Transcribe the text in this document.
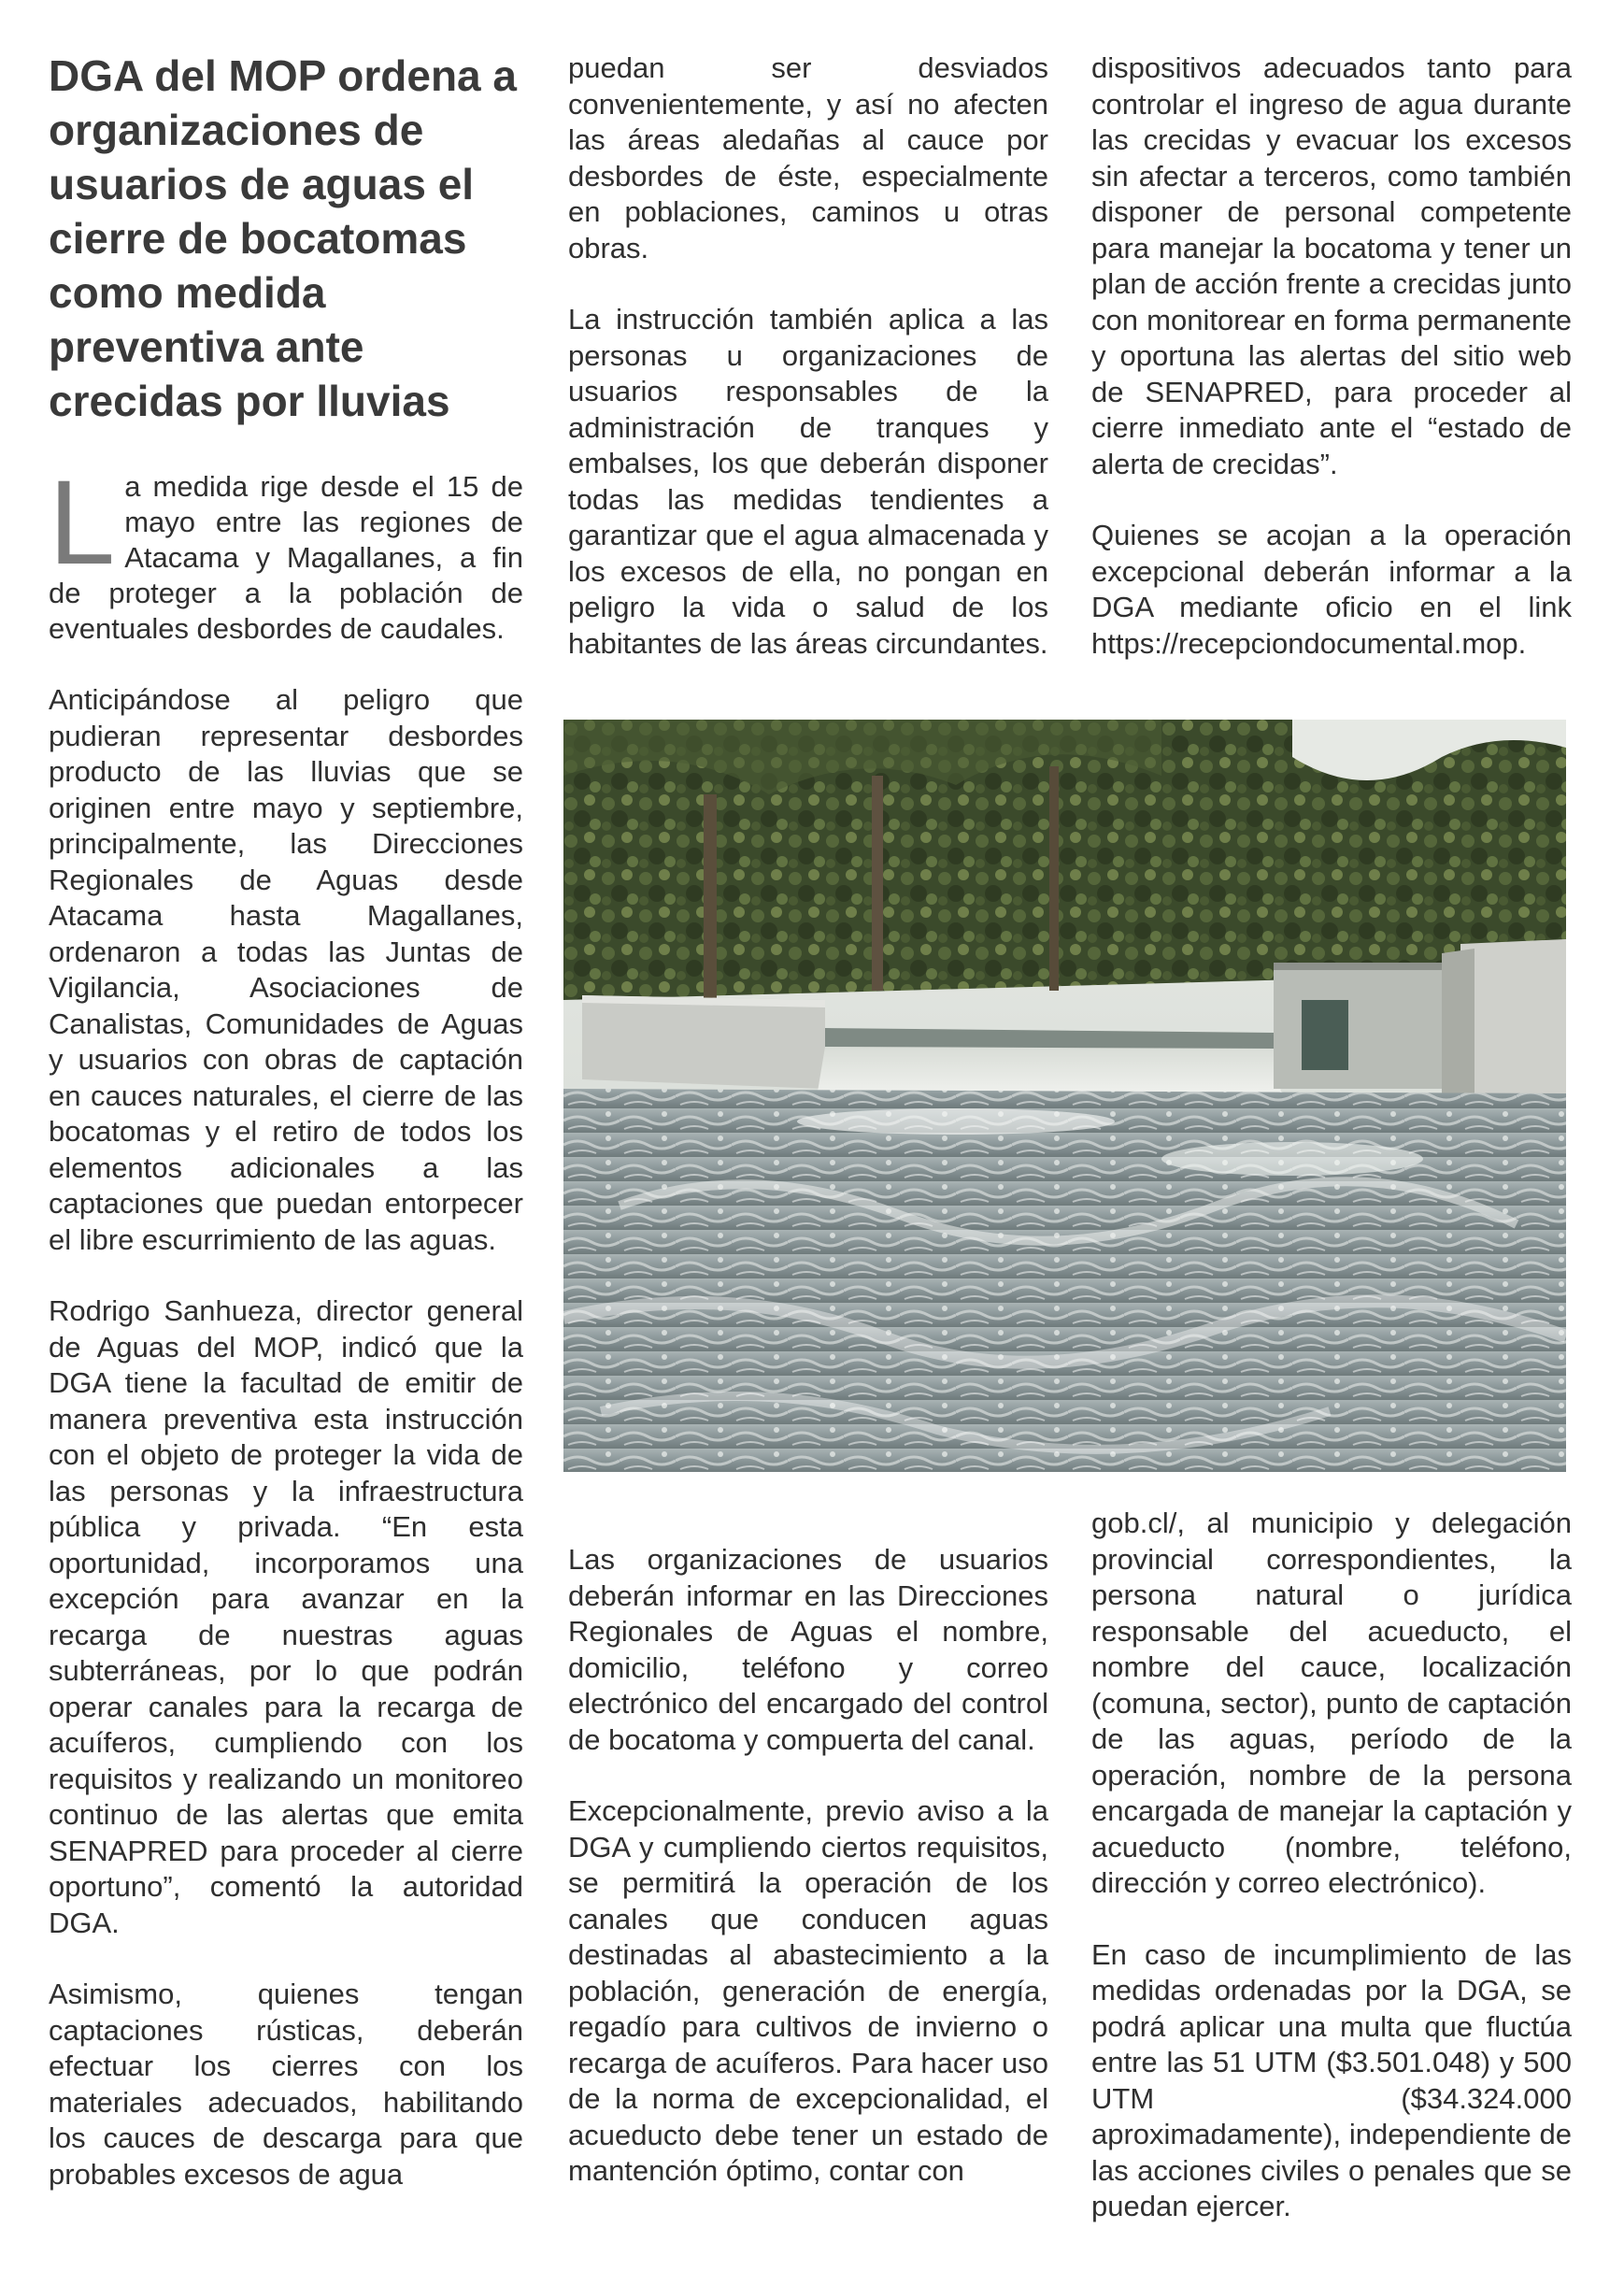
DGA del MOP ordena a organizaciones de usuarios de aguas el cierre de bocatomas como medida preventiva ante crecidas por lluvias

La medida rige desde el 15 de mayo entre las regiones de Atacama y Magallanes, a fin de proteger a la población de eventuales desbordes de caudales.

Anticipándose al peligro que pudieran representar desbordes producto de las lluvias que se originen entre mayo y septiembre, principalmente, las Direcciones Regionales de Aguas desde Atacama hasta Magallanes, ordenaron a todas las Juntas de Vigilancia, Asociaciones de Canalistas, Comunidades de Aguas y usuarios con obras de captación en cauces naturales, el cierre de las bocatomas y el retiro de todos los elementos adicionales a las captaciones que puedan entorpecer el libre escurrimiento de las aguas.

Rodrigo Sanhueza, director general de Aguas del MOP, indicó que la DGA tiene la facultad de emitir de manera preventiva esta instrucción con el objeto de proteger la vida de las personas y la infraestructura pública y privada. “En esta oportunidad, incorporamos una excepción para avanzar en la recarga de nuestras aguas subterráneas, por lo que podrán operar canales para la recarga de acuíferos, cumpliendo con los requisitos y realizando un monitoreo continuo de las alertas que emita SENAPRED para proceder al cierre oportuno”, comentó la autoridad DGA.

Asimismo, quienes tengan captaciones rústicas, deberán efectuar los cierres con los materiales adecuados, habilitando los cauces de descarga para que probables excesos de agua

puedan ser desviados convenientemente, y así no afecten las áreas aledañas al cauce por desbordes de éste, especialmente en poblaciones, caminos u otras obras.

La instrucción también aplica a las personas u organizaciones de usuarios responsables de la administración de tranques y embalses, los que deberán disponer todas las medidas tendientes a garantizar que el agua almacenada y los excesos de ella, no pongan en peligro la vida o salud de los habitantes de las áreas circundantes.

dispositivos adecuados tanto para controlar el ingreso de agua durante las crecidas y evacuar los excesos sin afectar a terceros, como también disponer de personal competente para manejar la bocatoma y tener un plan de acción frente a crecidas junto con monitorear en forma permanente y oportuna las alertas del sitio web de SENAPRED, para proceder al cierre inmediato ante el “estado de alerta de crecidas”.

Quienes se acojan a la operación excepcional deberán informar a la DGA mediante oficio en el link https://recepciondocumental.mop.

Las organizaciones de usuarios deberán informar en las Direcciones Regionales de Aguas el nombre, domicilio, teléfono y correo electrónico del encargado del control de bocatoma y compuerta del canal.

Excepcionalmente, previo aviso a la DGA y cumpliendo ciertos requisitos, se permitirá la operación de los canales que conducen aguas destinadas al abastecimiento a la población, generación de energía, regadío para cultivos de invierno o recarga de acuíferos. Para hacer uso de la norma de excepcionalidad, el acueducto debe tener un estado de mantención óptimo, contar con

gob.cl/, al municipio y delegación provincial correspondientes, la persona natural o jurídica responsable del acueducto, el nombre del cauce, localización (comuna, sector), punto de captación de las aguas, período de la operación, nombre de la persona encargada de manejar la captación y acueducto (nombre, teléfono, dirección y correo electrónico).

En caso de incumplimiento de las medidas ordenadas por la DGA, se podrá aplicar una multa que fluctúa entre las 51 UTM ($3.501.048) y 500 UTM ($34.324.000 aproximadamente), independiente de las acciones civiles o penales que se puedan ejercer.
